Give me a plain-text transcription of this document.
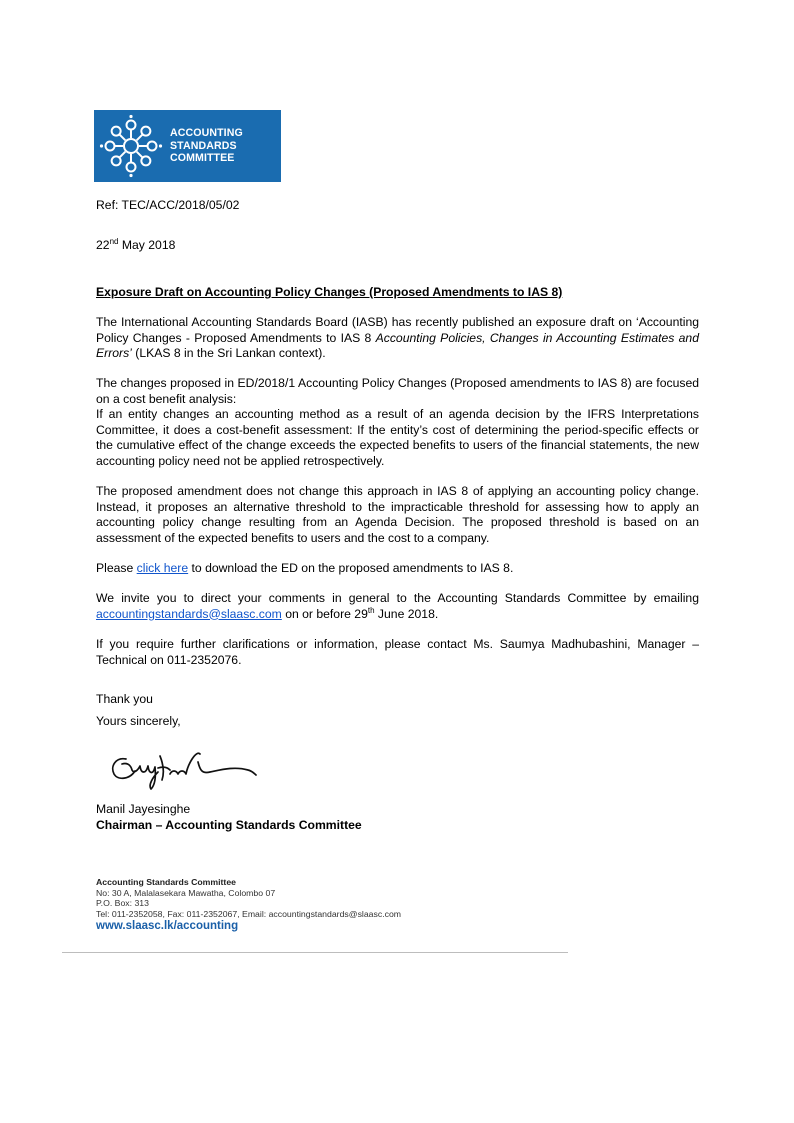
ACCOUNTING
STANDARDS
COMMITTEE
Ref: TEC/ACC/2018/05/02
22nd May 2018
Exposure Draft on Accounting Policy Changes (Proposed Amendments to IAS 8)

The International Accounting Standards Board (IASB) has recently published an exposure draft on ‘Accounting Policy Changes - Proposed Amendments to IAS 8 Accounting Policies, Changes in Accounting Estimates and Errors’ (LKAS 8 in the Sri Lankan context).

The changes proposed in ED/2018/1 Accounting Policy Changes (Proposed amendments to IAS 8) are focused on a cost benefit analysis:

If an entity changes an accounting method as a result of an agenda decision by the IFRS Interpretations Committee, it does a cost-benefit assessment: If the entity’s cost of determining the period-specific effects or the cumulative effect of the change exceeds the expected benefits to users of the financial statements, the new accounting policy need not be applied retrospectively.

The proposed amendment does not change this approach in IAS 8 of applying an accounting policy change. Instead, it proposes an alternative threshold to the impracticable threshold for assessing how to apply an accounting policy change resulting from an Agenda Decision. The proposed threshold is based on an assessment of the expected benefits to users and the cost to a company.

Please click here to download the ED on the proposed amendments to IAS 8.

We invite you to direct your comments in general to the Accounting Standards Committee by emailing accountingstandards@slaasc.com on or before 29th June 2018.

If you require further clarifications or information, please contact Ms. Saumya Madhubashini, Manager – Technical on 011-2352076.

Thank you
Yours sincerely,
Manil Jayesinghe
Chairman – Accounting Standards Committee
Accounting Standards Committee
No: 30 A, Malalasekara Mawatha, Colombo 07
P.O. Box: 313
Tel: 011-2352058, Fax: 011-2352067, Email: accountingstandards@slaasc.com
www.slaasc.lk/accounting
